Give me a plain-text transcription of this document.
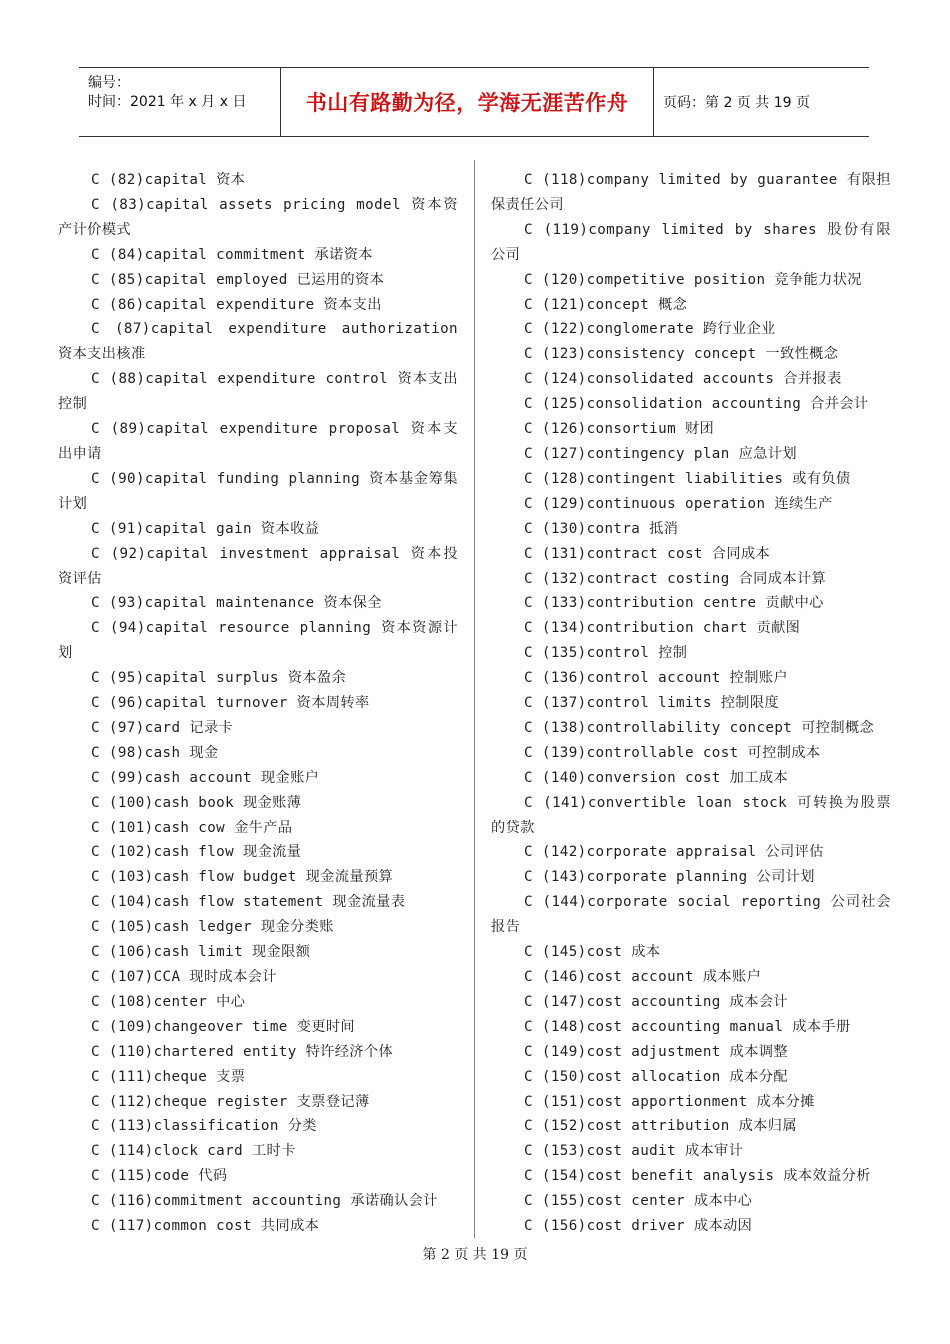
编号：
时间：2021 年 x 月 x 日	书山有路勤为径，学海无涯苦作舟	页码：第 2 页 共 19 页
C (82)capital 资本
C (83)capital assets pricing model 资本资产计价模式
C (84)capital commitment 承诺资本
C (85)capital employed 已运用的资本
C (86)capital expenditure 资本支出
C (87)capital expenditure authorization 资本支出核准
C (88)capital expenditure control 资本支出控制
C (89)capital expenditure proposal 资本支出申请
C (90)capital funding planning 资本基金筹集计划
C (91)capital gain 资本收益
C (92)capital investment appraisal 资本投资评估
C (93)capital maintenance 资本保全
C (94)capital resource planning 资本资源计划
C (95)capital surplus 资本盈余
C (96)capital turnover 资本周转率
C (97)card 记录卡
C (98)cash 现金
C (99)cash account 现金账户
C (100)cash book 现金账薄
C (101)cash cow 金牛产品
C (102)cash flow 现金流量
C (103)cash flow budget 现金流量预算
C (104)cash flow statement 现金流量表
C (105)cash ledger 现金分类账
C (106)cash limit 现金限额
C (107)CCA 现时成本会计
C (108)center 中心
C (109)changeover time 变更时间
C (110)chartered entity 特许经济个体
C (111)cheque 支票
C (112)cheque register 支票登记薄
C (113)classification 分类
C (114)clock card 工时卡
C (115)code 代码
C (116)commitment accounting 承诺确认会计
C (117)common cost 共同成本
C (118)company limited by guarantee 有限担保责任公司
C (119)company limited by shares 股份有限公司
C (120)competitive position 竞争能力状况
C (121)concept 概念
C (122)conglomerate 跨行业企业
C (123)consistency concept 一致性概念
C (124)consolidated accounts 合并报表
C (125)consolidation accounting 合并会计
C (126)consortium 财团
C (127)contingency plan 应急计划
C (128)contingent liabilities 或有负债
C (129)continuous operation 连续生产
C (130)contra 抵消
C (131)contract cost 合同成本
C (132)contract costing 合同成本计算
C (133)contribution centre 贡献中心
C (134)contribution chart 贡献图
C (135)control 控制
C (136)control account 控制账户
C (137)control limits 控制限度
C (138)controllability concept 可控制概念
C (139)controllable cost 可控制成本
C (140)conversion cost 加工成本
C (141)convertible loan stock 可转换为股票的贷款
C (142)corporate appraisal 公司评估
C (143)corporate planning 公司计划
C (144)corporate social reporting 公司社会报告
C (145)cost 成本
C (146)cost account 成本账户
C (147)cost accounting 成本会计
C (148)cost accounting manual 成本手册
C (149)cost adjustment 成本调整
C (150)cost allocation 成本分配
C (151)cost apportionment 成本分摊
C (152)cost attribution 成本归属
C (153)cost audit 成本审计
C (154)cost benefit analysis 成本效益分析
C (155)cost center 成本中心
C (156)cost driver 成本动因
第 2 页 共 19 页
